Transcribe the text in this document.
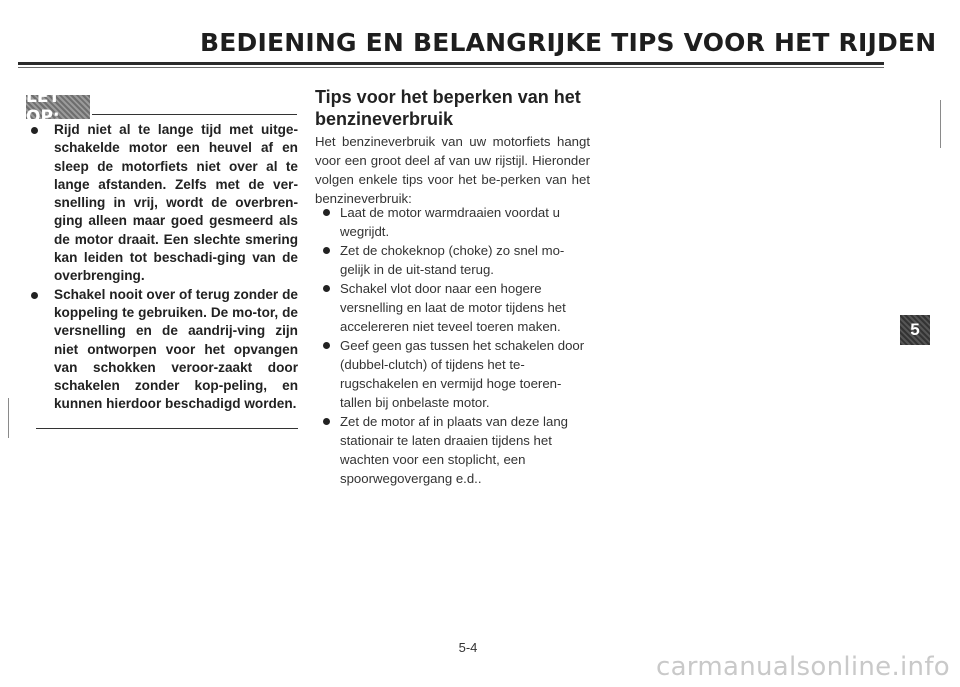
BEDIENING EN BELANGRIJKE TIPS VOOR HET RIJDEN
LET OP:
Rijd niet al te lange tijd met uitge-schakelde motor een heuvel af en sleep de motorfiets niet over al te lange afstanden. Zelfs met de ver-snelling in vrij, wordt de overbren-ging alleen maar goed gesmeerd als de motor draait. Een slechte smering kan leiden tot beschadi-ging van de overbrenging.
Schakel nooit over of terug zonder de koppeling te gebruiken. De mo-tor, de versnelling en de aandrij-ving zijn niet ontworpen voor het opvangen van schokken veroor-zaakt door schakelen zonder kop-peling, en kunnen hierdoor beschadigd worden.
Tips voor het beperken van het benzineverbruik
Het benzineverbruik van uw motorfiets hangt voor een groot deel af van uw rijstijl. Hieronder volgen enkele tips voor het be-perken van het benzineverbruik:
Laat de motor warmdraaien voordat u wegrijdt.
Zet de chokeknop (choke) zo snel mo-gelijk in de uit-stand terug.
Schakel vlot door naar een hogere versnelling en laat de motor tijdens het accelereren niet teveel toeren maken.
Geef geen gas tussen het schakelen door (dubbel-clutch) of tijdens het te-rugschakelen en vermijd hoge toeren-tallen bij onbelaste motor.
Zet de motor af in plaats van deze lang stationair te laten draaien tijdens het wachten voor een stoplicht, een spoorwegovergang e.d..
5
5-4
carmanualsonline.info
